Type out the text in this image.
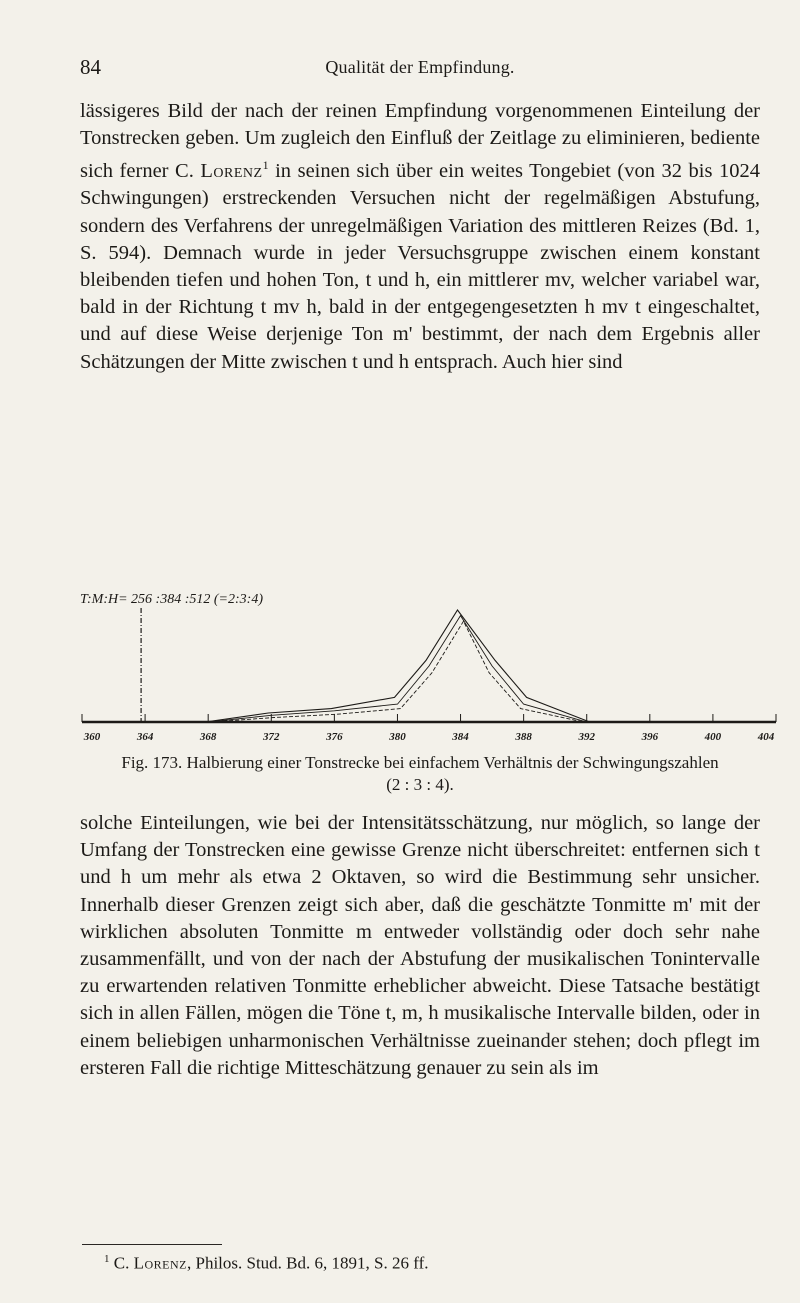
84	Qualität der Empfindung.

lässigeres Bild der nach der reinen Empfindung vorgenommenen Einteilung der Tonstrecken geben. Um zugleich den Einfluß der Zeitlage zu eliminieren, bediente sich ferner C. Lorenz$^1$ in seinen sich über ein weites Tongebiet (von 32 bis 1024 Schwingungen) erstreckenden Versuchen nicht der regelmäßigen Abstufung, sondern des Verfahrens der unregelmäßigen Variation des mittleren Reizes (Bd. 1, S. 594). Demnach wurde in jeder Versuchsgruppe zwischen einem konstant bleibenden tiefen und hohen Ton, t und h, ein mittlerer mv, welcher variabel war, bald in der Richtung t mv h, bald in der entgegengesetzten h mv t eingeschaltet, und auf diese Weise derjenige Ton m' bestimmt, der nach dem Ergebnis aller Schätzungen der Mitte zwischen t und h entsprach. Auch hier sind

T:M:H= 256 :384 :512 (=2:3:4)
360	364	368	372	376	380	384	388	392	396	400	404
Fig. 173. Halbierung einer Tonstrecke bei einfachem Verhältnis der Schwingungszahlen
(2 : 3 : 4).

solche Einteilungen, wie bei der Intensitätsschätzung, nur möglich, so lange der Umfang der Tonstrecken eine gewisse Grenze nicht überschreitet: entfernen sich t und h um mehr als etwa 2 Oktaven, so wird die Bestimmung sehr unsicher. Innerhalb dieser Grenzen zeigt sich aber, daß die geschätzte Tonmitte m' mit der wirklichen absoluten Tonmitte m entweder vollständig oder doch sehr nahe zusammenfällt, und von der nach der Abstufung der musikalischen Tonintervalle zu erwartenden relativen Tonmitte erheblicher abweicht. Diese Tatsache bestätigt sich in allen Fällen, mögen die Töne t, m, h musikalische Intervalle bilden, oder in einem beliebigen unharmonischen Verhältnisse zueinander stehen; doch pflegt im ersteren Fall die richtige Mitteschätzung genauer zu sein als im

$^1$ C. Lorenz, Philos. Stud. Bd. 6, 1891, S. 26 ff.
